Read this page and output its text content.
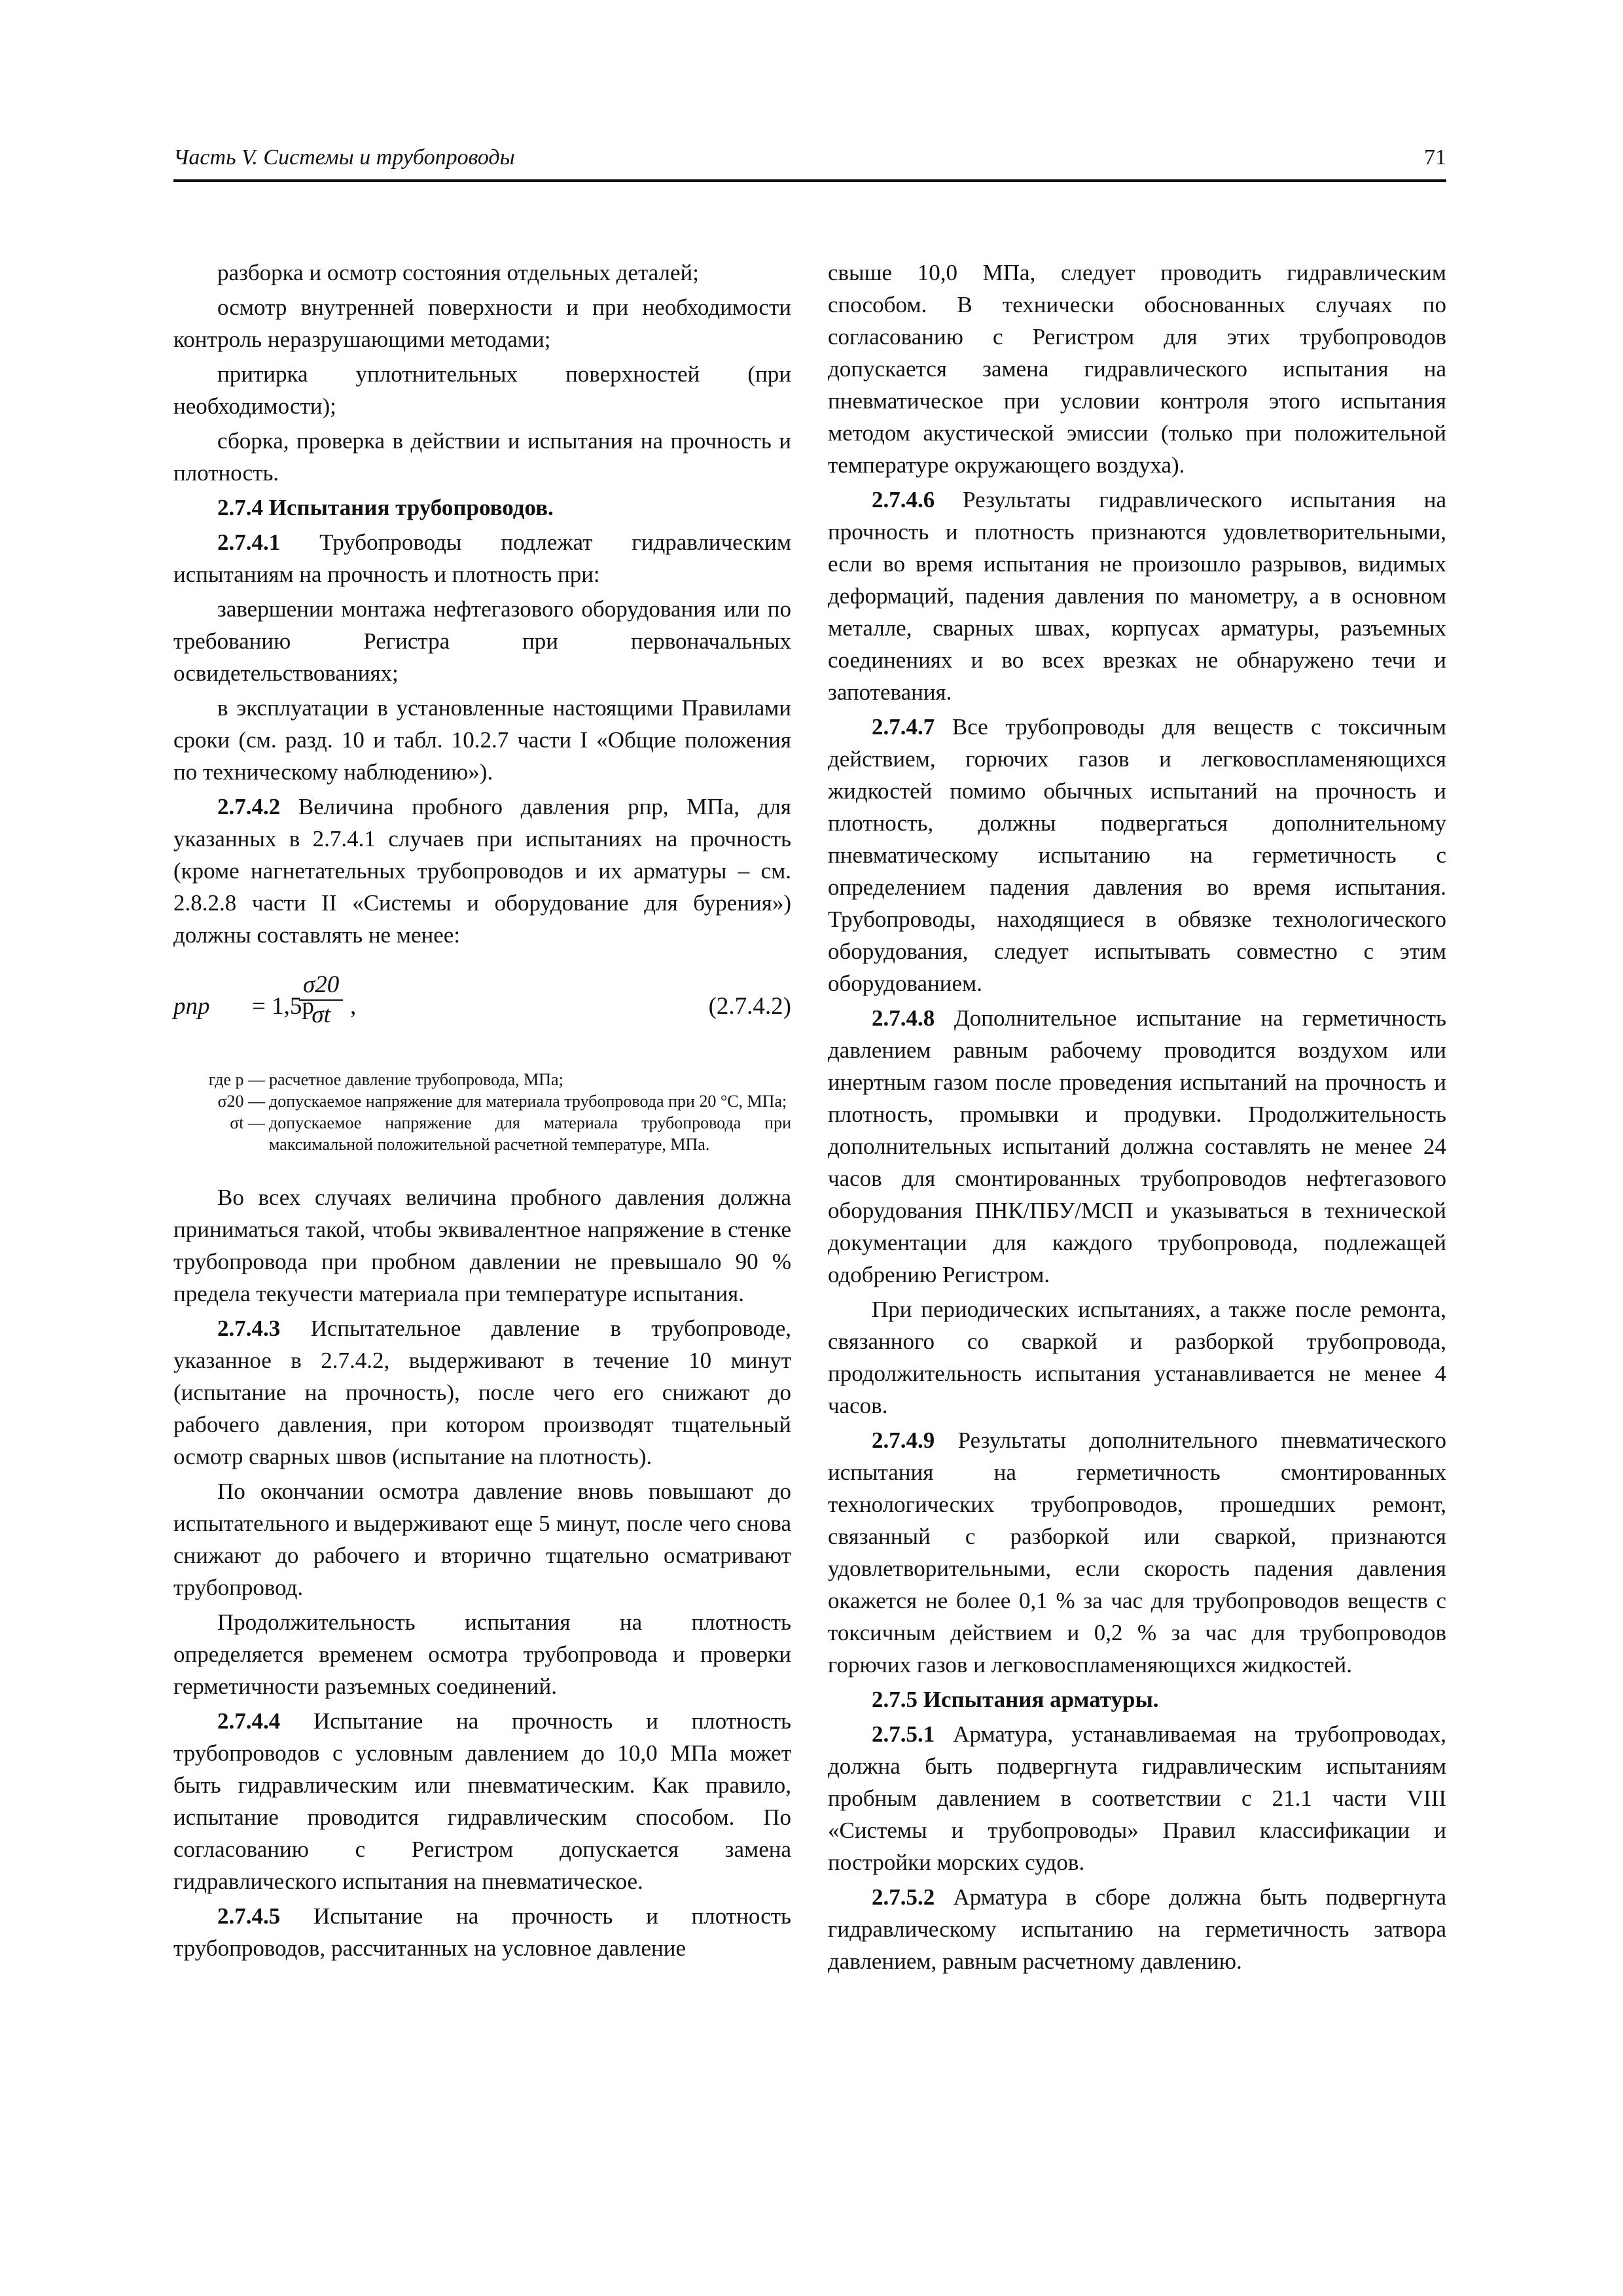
Часть V. Системы и трубопроводы	71

разборка и осмотр состояния отдельных деталей;

осмотр внутренней поверхности и при необходимости контроль неразрушающими методами;

притирка уплотнительных поверхностей (при необходимости);

сборка, проверка в действии и испытания на прочность и плотность.

2.7.4 Испытания трубопроводов.

2.7.4.1 Трубопроводы подлежат гидравлическим испытаниям на прочность и плотность при:

завершении монтажа нефтегазового оборудования или по требованию Регистра при первоначальных освидетельствованиях;

в эксплуатации в установленные настоящими Правилами сроки (см. разд. 10 и табл. 10.2.7 части I «Общие положения по техническому наблюдению»).

2.7.4.2 Величина пробного давления pпр, МПа, для указанных в 2.7.4.1 случаев при испытаниях на прочность (кроме нагнетательных трубопроводов и их арматуры – см. 2.8.2.8 части II «Системы и оборудование для бурения») должны составлять не менее:

pпр = 1,5p
$\frac{\sigma 20}{\sigma t}$ ,	(2.7.4.2)
где p — расчетное давление трубопровода, МПа;
σ20 — допускаемое напряжение для материала трубопровода при 20 °С, МПа;
σt — допускаемое напряжение для материала трубопровода при максимальной положительной расчетной температуре, МПа.

Во всех случаях величина пробного давления должна приниматься такой, чтобы эквивалентное напряжение в стенке трубопровода при пробном давлении не превышало 90 % предела текучести материала при температуре испытания.

2.7.4.3 Испытательное давление в трубопроводе, указанное в 2.7.4.2, выдерживают в течение 10 минут (испытание на прочность), после чего его снижают до рабочего давления, при котором производят тщательный осмотр сварных швов (испытание на плотность).

По окончании осмотра давление вновь повышают до испытательного и выдерживают еще 5 минут, после чего снова снижают до рабочего и вторично тщательно осматривают трубопровод.

Продолжительность испытания на плотность определяется временем осмотра трубопровода и проверки герметичности разъемных соединений.

2.7.4.4 Испытание на прочность и плотность трубопроводов с условным давлением до 10,0 МПа может быть гидравлическим или пневматическим. Как правило, испытание проводится гидравлическим способом. По согласованию с Регистром допускается замена гидравлического испытания на пневматическое.

2.7.4.5 Испытание на прочность и плотность трубопроводов, рассчитанных на условное давление

свыше 10,0 МПа, следует проводить гидравлическим способом. В технически обоснованных случаях по согласованию с Регистром для этих трубопроводов допускается замена гидравлического испытания на пневматическое при условии контроля этого испытания методом акустической эмиссии (только при положительной температуре окружающего воздуха).

2.7.4.6 Результаты гидравлического испытания на прочность и плотность признаются удовлетворительными, если во время испытания не произошло разрывов, видимых деформаций, падения давления по манометру, а в основном металле, сварных швах, корпусах арматуры, разъемных соединениях и во всех врезках не обнаружено течи и запотевания.

2.7.4.7 Все трубопроводы для веществ с токсичным действием, горючих газов и легковоспламеняющихся жидкостей помимо обычных испытаний на прочность и плотность, должны подвергаться дополнительному пневматическому испытанию на герметичность с определением падения давления во время испытания. Трубопроводы, находящиеся в обвязке технологического оборудования, следует испытывать совместно с этим оборудованием.

2.7.4.8 Дополнительное испытание на герметичность давлением равным рабочему проводится воздухом или инертным газом после проведения испытаний на прочность и плотность, промывки и продувки. Продолжительность дополнительных испытаний должна составлять не менее 24 часов для смонтированных трубопроводов нефтегазового оборудования ПНК/ПБУ/МСП и указываться в технической документации для каждого трубопровода, подлежащей одобрению Регистром.

При периодических испытаниях, а также после ремонта, связанного со сваркой и разборкой трубопровода, продолжительность испытания устанавливается не менее 4 часов.

2.7.4.9 Результаты дополнительного пневматического испытания на герметичность смонтированных технологических трубопроводов, прошедших ремонт, связанный с разборкой или сваркой, признаются удовлетворительными, если скорость падения давления окажется не более 0,1 % за час для трубопроводов веществ с токсичным действием и 0,2 % за час для трубопроводов горючих газов и легковоспламеняющихся жидкостей.

2.7.5 Испытания арматуры.

2.7.5.1 Арматура, устанавливаемая на трубопроводах, должна быть подвергнута гидравлическим испытаниям пробным давлением в соответствии с 21.1 части VIII «Системы и трубопроводы» Правил классификации и постройки морских судов.

2.7.5.2 Арматура в сборе должна быть подвергнута гидравлическому испытанию на герметичность затвора давлением, равным расчетному давлению.
